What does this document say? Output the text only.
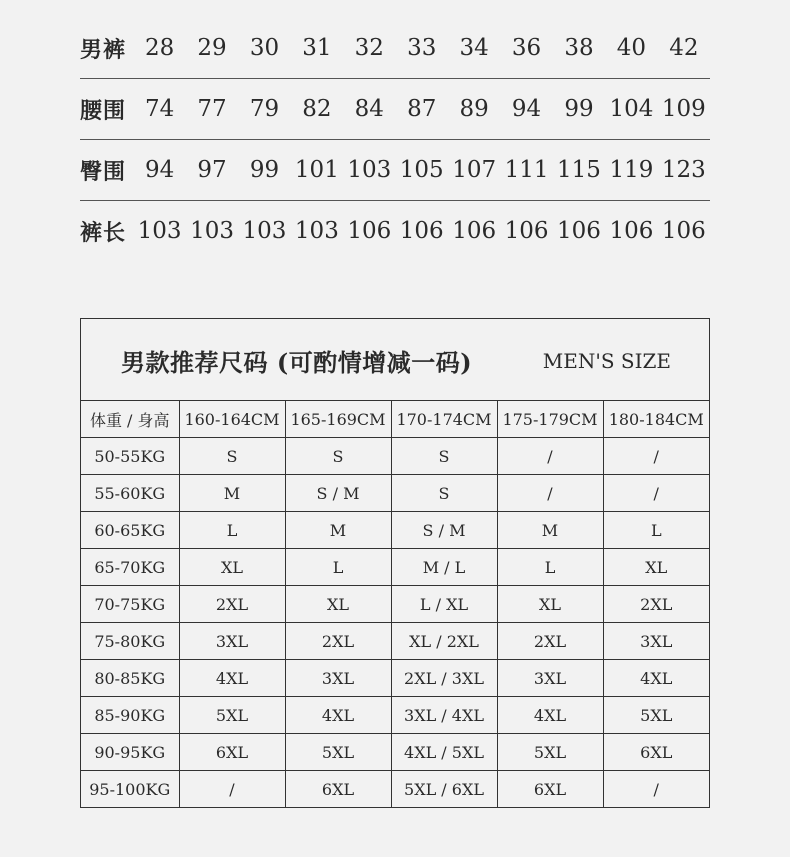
男裤 28	29	30	31	32	33	34	36	38	40	42
腰围 74	77	79	82	84	87	89	94	99 104 109
臀围 94	97	99 101 103 105 107 111 115 119 123
裤长 103 103 103 103 106 106 106 106 106 106 106
男款推荐尺码 (可酌情增减一码)	MEN'S SIZE
体重 / 身高	160-164CM	165-169CM	170-174CM	175-179CM	180-184CM
50-55KG	S	S	S	/	/
55-60KG	M	S / M	S	/	/
60-65KG	L	M	S / M	M	L
65-70KG	XL	L	M / L	L	XL
70-75KG	2XL	XL	L / XL	XL	2XL
75-80KG	3XL	2XL	XL / 2XL	2XL	3XL
80-85KG	4XL	3XL	2XL / 3XL	3XL	4XL
85-90KG	5XL	4XL	3XL / 4XL	4XL	5XL
90-95KG	6XL	5XL	4XL / 5XL	5XL	6XL
95-100KG	/	6XL	5XL / 6XL	6XL	/
